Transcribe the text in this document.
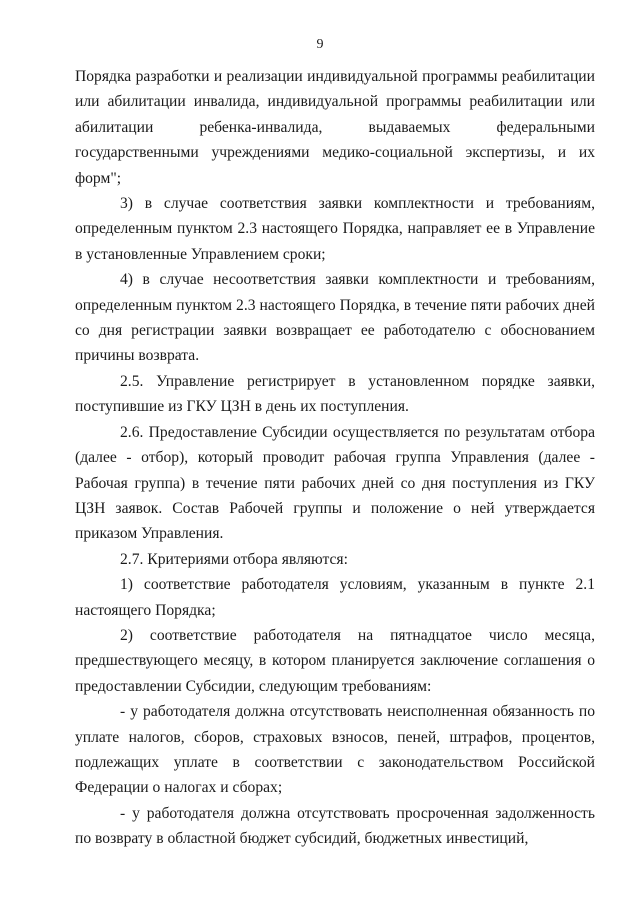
9

Порядка разработки и реализации индивидуальной программы реабилитации или абилитации инвалида, индивидуальной программы реабилитации или абилитации ребенка-инвалида, выдаваемых федеральными государственными учреждениями медико-социальной экспертизы, и их форм";

3) в случае соответствия заявки комплектности и требованиям, определенным пунктом 2.3 настоящего Порядка, направляет ее в Управление в установленные Управлением сроки;

4) в случае несоответствия заявки комплектности и требованиям, определенным пунктом 2.3 настоящего Порядка, в течение пяти рабочих дней со дня регистрации заявки возвращает ее работодателю с обоснованием причины возврата.

2.5. Управление регистрирует в установленном порядке заявки, поступившие из ГКУ ЦЗН в день их поступления.

2.6. Предоставление Субсидии осуществляется по результатам отбора (далее - отбор), который проводит рабочая группа Управления (далее - Рабочая группа) в течение пяти рабочих дней со дня поступления из ГКУ ЦЗН заявок. Состав Рабочей группы и положение о ней утверждается приказом Управления.

2.7. Критериями отбора являются:

1) соответствие работодателя условиям, указанным в пункте 2.1 настоящего Порядка;

2) соответствие работодателя на пятнадцатое число месяца, предшествующего месяцу, в котором планируется заключение соглашения о предоставлении Субсидии, следующим требованиям:

- у работодателя должна отсутствовать неисполненная обязанность по уплате налогов, сборов, страховых взносов, пеней, штрафов, процентов, подлежащих уплате в соответствии с законодательством Российской Федерации о налогах и сборах;

- у работодателя должна отсутствовать просроченная задолженность по возврату в областной бюджет субсидий, бюджетных инвестиций,
